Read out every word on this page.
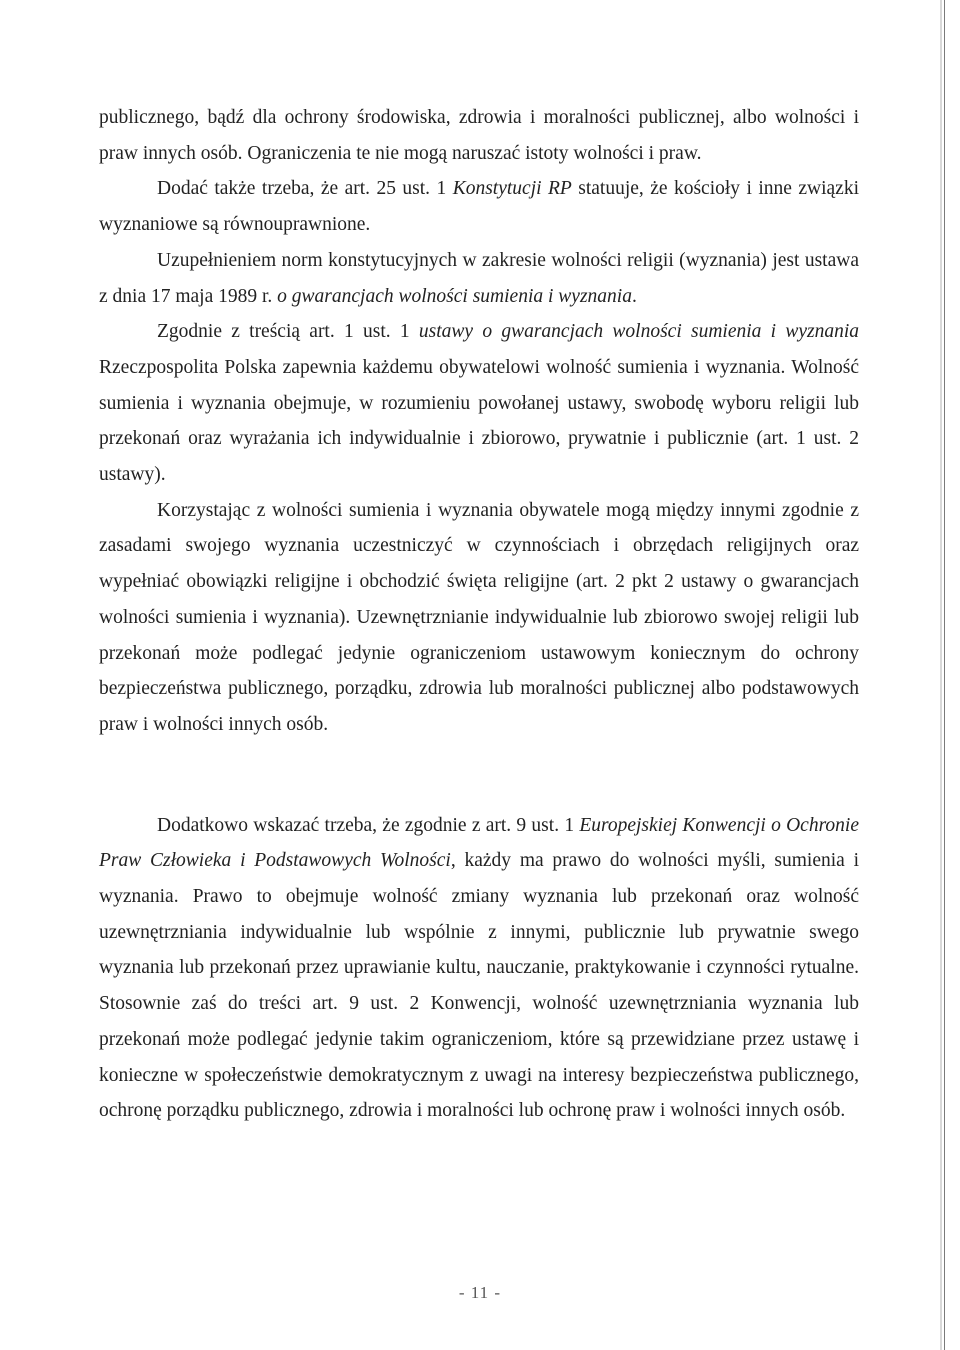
publicznego, bądź dla ochrony środowiska, zdrowia i moralności publicznej, albo wolności i praw innych osób. Ograniczenia te nie mogą naruszać istoty wolności i praw.

Dodać także trzeba, że art. 25 ust. 1 Konstytucji RP statuuje, że kościoły i inne związki wyznaniowe są równouprawnione.

Uzupełnieniem norm konstytucyjnych w zakresie wolności religii (wyznania) jest ustawa z dnia 17 maja 1989 r. o gwarancjach wolności sumienia i wyznania.

Zgodnie z treścią art. 1 ust. 1 ustawy o gwarancjach wolności sumienia i wyznania Rzeczpospolita Polska zapewnia każdemu obywatelowi wolność sumienia i wyznania. Wolność sumienia i wyznania obejmuje, w rozumieniu powołanej ustawy, swobodę wyboru religii lub przekonań oraz wyrażania ich indywidualnie i zbiorowo, prywatnie i publicznie (art. 1 ust. 2 ustawy).

Korzystając z wolności sumienia i wyznania obywatele mogą między innymi zgodnie z zasadami swojego wyznania uczestniczyć w czynnościach i obrzędach religijnych oraz wypełniać obowiązki religijne i obchodzić święta religijne (art. 2 pkt 2 ustawy o gwarancjach wolności sumienia i wyznania). Uzewnętrznianie indywidualnie lub zbiorowo swojej religii lub przekonań może podlegać jedynie ograniczeniom ustawowym koniecznym do ochrony bezpieczeństwa publicznego, porządku, zdrowia lub moralności publicznej albo podstawowych praw i wolności innych osób.

Dodatkowo wskazać trzeba, że zgodnie z art. 9 ust. 1 Europejskiej Konwencji o Ochronie Praw Człowieka i Podstawowych Wolności, każdy ma prawo do wolności myśli, sumienia i wyznania. Prawo to obejmuje wolność zmiany wyznania lub przekonań oraz wolność uzewnętrzniania indywidualnie lub wspólnie z innymi, publicznie lub prywatnie swego wyznania lub przekonań przez uprawianie kultu, nauczanie, praktykowanie i czynności rytualne. Stosownie zaś do treści art. 9 ust. 2 Konwencji, wolność uzewnętrzniania wyznania lub przekonań może podlegać jedynie takim ograniczeniom, które są przewidziane przez ustawę i konieczne w społeczeństwie demokratycznym z uwagi na interesy bezpieczeństwa publicznego, ochronę porządku publicznego, zdrowia i moralności lub ochronę praw i wolności innych osób.

- 11 -
